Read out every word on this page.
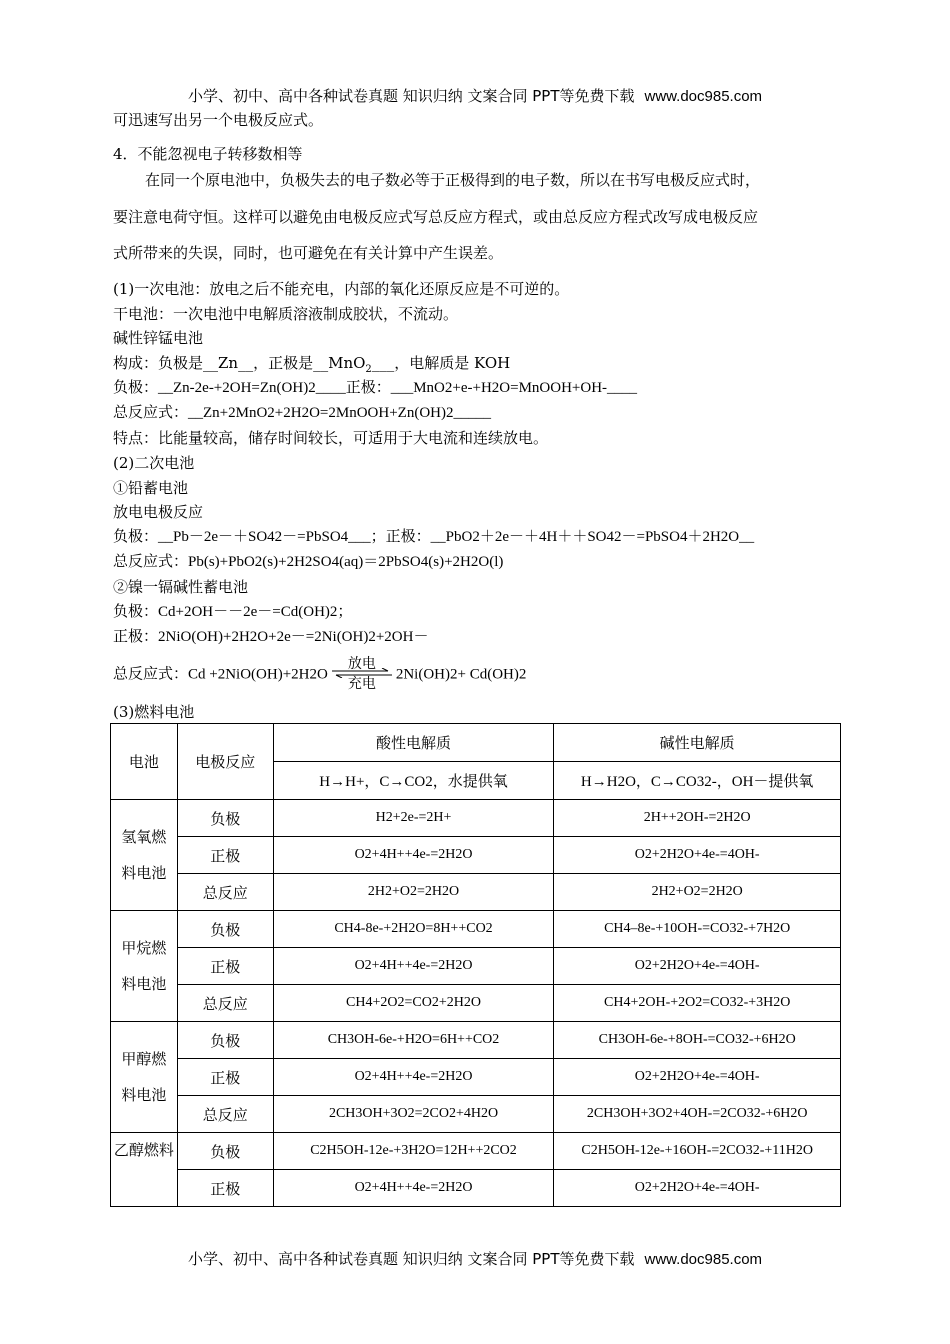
小学、初中、高中各种试卷真题 知识归纳 文案合同 PPT等免费下载 www.doc985.com
可迅速写出另一个电极反应式。
4．不能忽视电子转移数相等
在同一个原电池中，负极失去的电子数必等于正极得到的电子数，所以在书写电极反应式时，
要注意电荷守恒。这样可以避免由电极反应式写总反应方程式，或由总反应方程式改写成电极反应
式所带来的失误，同时，也可避免在有关计算中产生误差。
(1)一次电池：放电之后不能充电，内部的氧化还原反应是不可逆的。
干电池：一次电池中电解质溶液制成胶状，不流动。
碱性锌锰电池
构成：负极是__Zn__，正极是__MnO$_2$___，电解质是 KOH
负极：__Zn-2e-+2OH=Zn(OH)2____正极：___MnO2+e-+H2O=MnOOH+OH-____
总反应式：__Zn+2MnO2+2H2O=2MnOOH+Zn(OH)2_____
特点：比能量较高，储存时间较长，可适用于大电流和连续放电。
(2)二次电池
①铅蓄电池
放电电极反应
负极：__Pb－2e－＋SO42－=PbSO4___；正极：__PbO2＋2e－＋4H＋＋SO42－=PbSO4＋2H2O__
总反应式：Pb(s)+PbO2(s)+2H2SO4(aq)＝2PbSO4(s)+2H2O(l)
②镍一镉碱性蓄电池
负极：Cd+2OH－－2e－=Cd(OH)2；
正极：2NiO(OH)+2H2O+2e－=2Ni(OH)2+2OH－
总反应式：Cd +2NiO(OH)+2H2O
放电
充电
2Ni(OH)2+ Cd(OH)2
(3)燃料电池
电池	电极反应	酸性电解质	碱性电解质
		H→H+，C→CO2，水提供氧	H→H2O，C→CO32-，OH－提供氧

氢氧燃
料电池	负极	H2+2e-=2H+	2H++2OH-=2H2O
	正极	O2+4H++4e-=2H2O	O2+2H2O+4e-=4OH-
	总反应	2H2+O2=2H2O	2H2+O2=2H2O

甲烷燃
料电池	负极	CH4-8e-+2H2O=8H++CO2	CH4–8e-+10OH-=CO32-+7H2O
	正极	O2+4H++4e-=2H2O	O2+2H2O+4e-=4OH-
	总反应	CH4+2O2=CO2+2H2O	CH4+2OH-+2O2=CO32-+3H2O

甲醇燃
料电池	负极	CH3OH-6e-+H2O=6H++CO2	CH3OH-6e-+8OH-=CO32-+6H2O
	正极	O2+4H++4e-=2H2O	O2+2H2O+4e-=4OH-
	总反应	2CH3OH+3O2=2CO2+4H2O	2CH3OH+3O2+4OH-=2CO32-+6H2O

乙醇燃料	负极	C2H5OH-12e-+3H2O=12H++2CO2	C2H5OH-12e-+16OH-=2CO32-+11H2O
	正极	O2+4H++4e-=2H2O	O2+2H2O+4e-=4OH-
小学、初中、高中各种试卷真题 知识归纳 文案合同 PPT等免费下载 www.doc985.com
